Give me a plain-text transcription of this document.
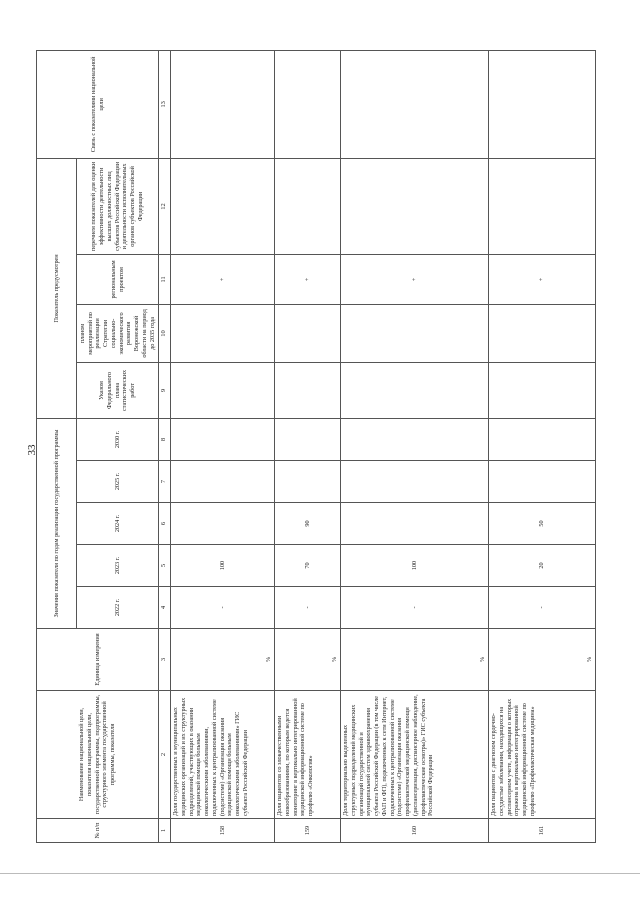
33
№ п/п	Наименование национальной цели, показателя национальной цели, государственной программы, подпрограммы, структурного элемента государственной программы, показателя	Единица измерения	Значения показателя по годам реализации государственной программы					Показатель предусмотрен				Связь с показателями национальной цели
			2022 г.	2023 г.	2024 г.	2025 г.	2030 г.	Указом Федерального плана статистических работ	планом мероприятий по реализации Стратегии социально-экономического развития Воронежской области на период до 2035 года	региональным проектом	перечнем показателей для оценки эффективности деятельности высших должностных лиц субъектов Российской Федерации и деятельности исполнительных органов субъектов Российской Федерации	

1	2	3	4	5	6	7	8	9	10	11	12	13
158	Доля государственных и муниципальных медицинских организаций и их структурных подразделений, участвующих в оказании медицинской помощи больным онкологическими заболеваниями, подключенных к централизованной системе (подсистеме) «Организация оказания медицинской помощи больным онкологическими заболеваниями» ГИС субъекта Российской Федерации	%	-	100						+		
159	Доля пациентов со злокачественными новообразованиями, по которым ведется мониторинг в вертикально интегрированной медицинской информационной системе по профилю «Онкология»	%	-	70	90					+		
160	Доля территориально выделенных структурных подразделений медицинских организаций государственной и муниципальной систем здравоохранения субъекта Российской Федерации (в том числе ФАП и ФП), подключенных к сети Интернет, подключенных к централизованной системе (подсистеме) «Организация оказания профилактической медицинской помощи (диспансеризация, диспансерное наблюдение, профилактические осмотры)» ГИС субъекта Российской Федерации	%	-	100						+		
161	Доля пациентов с диагнозом сердечно-сосудистые заболевания, находящихся на диспансерном учете, информация о которых отражена в вертикально интегрированной медицинской информационной системе по профилю «Профилактическая медицина»	%	-	20	50					+		
